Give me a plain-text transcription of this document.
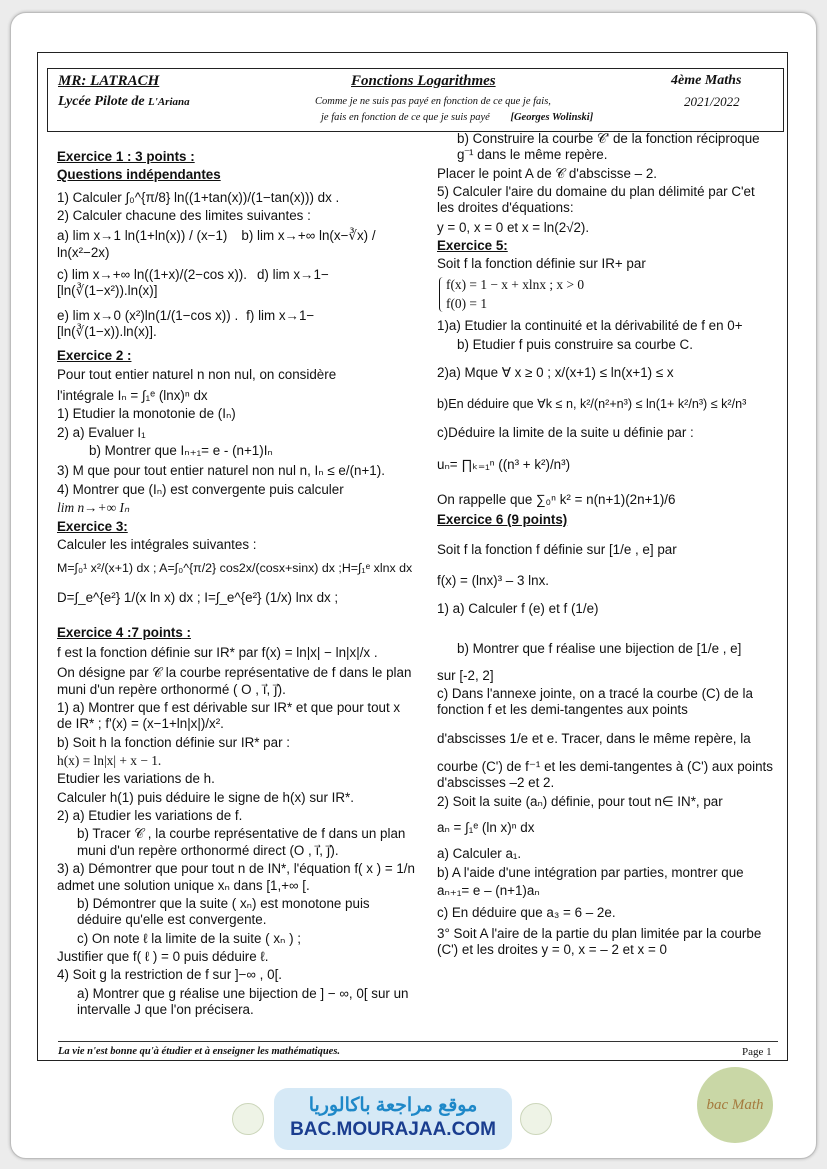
MR: LATRACH
Lycée Pilote de L'Ariana
Fonctions Logarithmes
Comme je ne suis pas payé en fonction de ce que je fais,
je fais en fonction de ce que je suis payé [Georges Wolinski]
4ème Maths
2021/2022

Exercice 1 : 3 points :

Questions indépendantes

1) Calculer ∫₀^{π/8} ln((1+tan(x))/(1−tan(x))) dx .

2) Calculer chacune des limites suivantes :

a) lim x→1 ln(1+ln(x)) / (x−1) b) lim x→+∞ ln(x−∛x) / ln(x²−2x)

c) lim x→+∞ ln((1+x)/(2−cos x)). d) lim x→1− [ln(∛(1−x²)).ln(x)]

e) lim x→0 (x²)ln(1/(1−cos x)) . f) lim x→1− [ln(∛(1−x)).ln(x)].

Exercice 2 :

Pour tout entier naturel n non nul, on considère

l'intégrale Iₙ = ∫₁ᵉ (lnx)ⁿ dx

1) Etudier la monotonie de (Iₙ)

2) a) Evaluer I₁

b) Montrer que Iₙ₊₁= e - (n+1)Iₙ

3) M que pour tout entier naturel non nul n, Iₙ ≤ e/(n+1).

4) Montrer que (Iₙ) est convergente puis calculer

lim n→+∞ Iₙ

Exercice 3:

Calculer les intégrales suivantes :

M=∫₀¹ x²/(x+1) dx ; A=∫₀^{π/2} cos2x/(cosx+sinx) dx ;H=∫₁ᵉ xlnx dx

D=∫_e^{e²} 1/(x ln x) dx ; I=∫_e^{e²} (1/x) lnx dx ;

Exercice 4 :7 points :

f est la fonction définie sur IR* par f(x) = ln|x| − ln|x|/x .

On désigne par 𝒞 la courbe représentative de f dans le plan muni d'un repère orthonormé ( O , i⃗, j⃗).

1) a) Montrer que f est dérivable sur IR* et que pour tout x de IR* ; f'(x) = (x−1+ln|x|)/x².

b) Soit h la fonction définie sur IR* par :

h(x) = ln|x| + x − 1.

Etudier les variations de h.

Calculer h(1) puis déduire le signe de h(x) sur IR*.

2) a) Etudier les variations de f.

b) Tracer 𝒞 , la courbe représentative de f dans un plan muni d'un repère orthonormé direct (O , i⃗, j⃗).

3) a) Démontrer que pour tout n de IN*, l'équation f( x ) = 1/n admet une solution unique xₙ dans [1,+∞ [.

b) Démontrer que la suite ( xₙ) est monotone puis déduire qu'elle est convergente.

c) On note ℓ la limite de la suite ( xₙ ) ;

Justifier que f( ℓ ) = 0 puis déduire ℓ.

4) Soit g la restriction de f sur ]−∞ , 0[.

a) Montrer que g réalise une bijection de ] − ∞, 0[ sur un intervalle J que l'on précisera.

b) Construire la courbe 𝒞' de la fonction réciproque g⁻¹ dans le même repère.

Placer le point A de 𝒞 d'abscisse – 2.

5) Calculer l'aire du domaine du plan délimité par C'et les droites d'équations:

y = 0, x = 0 et x = ln(2√2).

Exercice 5:

Soit f la fonction définie sur IR+ par

f(x) = 1 − x + xlnx ; x > 0

f(0) = 1

1)a) Etudier la continuité et la dérivabilité de f en 0+

b) Etudier f puis construire sa courbe C.

2)a) Mque ∀ x ≥ 0 ; x/(x+1) ≤ ln(x+1) ≤ x

b)En déduire que ∀k ≤ n, k²/(n²+n³) ≤ ln(1+ k²/n³) ≤ k²/n³

c)Déduire la limite de la suite u définie par :

uₙ= ∏ₖ₌₁ⁿ ((n³ + k²)/n³)

On rappelle que ∑₀ⁿ k² = n(n+1)(2n+1)/6

Exercice 6 (9 points)

Soit f la fonction f définie sur [1/e , e] par

f(x) = (lnx)³ – 3 lnx.

1) a) Calculer f (e) et f (1/e)

b) Montrer que f réalise une bijection de [1/e , e]

sur [-2, 2]

c) Dans l'annexe jointe, on a tracé la courbe (C) de la fonction f et les demi-tangentes aux points

d'abscisses 1/e et e. Tracer, dans le même repère, la

courbe (C') de f⁻¹ et les demi-tangentes à (C') aux points d'abscisses –2 et 2.

2) Soit la suite (aₙ) définie, pour tout n∈ IN*, par

aₙ = ∫₁ᵉ (ln x)ⁿ dx

a) Calculer a₁.

b) A l'aide d'une intégration par parties, montrer que

aₙ₊₁= e – (n+1)aₙ

c) En déduire que a₃ = 6 – 2e.

3° Soit A l'aire de la partie du plan limitée par la courbe (C') et les droites y = 0, x = – 2 et x = 0

La vie n'est bonne qu'à étudier et à enseigner les mathématiques.	Page 1
موقع مراجعة باكالوريا
BAC.MOURAJAA.COM
bac Math
